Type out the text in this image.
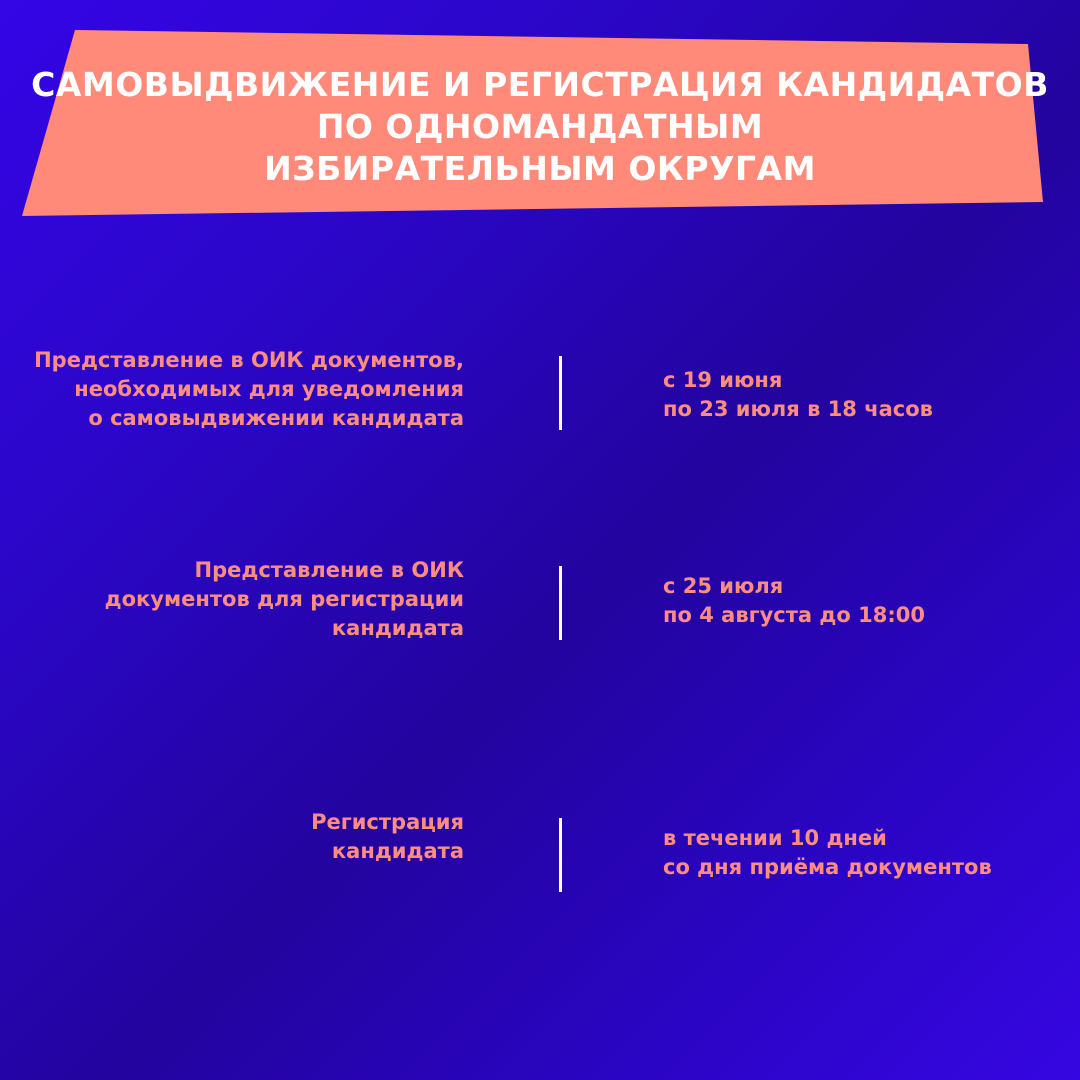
САМОВЫДВИЖЕНИЕ И РЕГИСТРАЦИЯ КАНДИДАТОВ
ПО ОДНОМАНДАТНЫМ
ИЗБИРАТЕЛЬНЫМ ОКРУГАМ
Представление в ОИК документов,
необходимых для уведомления
о самовыдвижении кандидата
с 19 июня
по 23 июля в 18 часов
Представление в ОИК
документов для регистрации
кандидата
с 25 июля
по 4 августа до 18:00
Регистрация
кандидата
в течении 10 дней
со дня приёма документов
